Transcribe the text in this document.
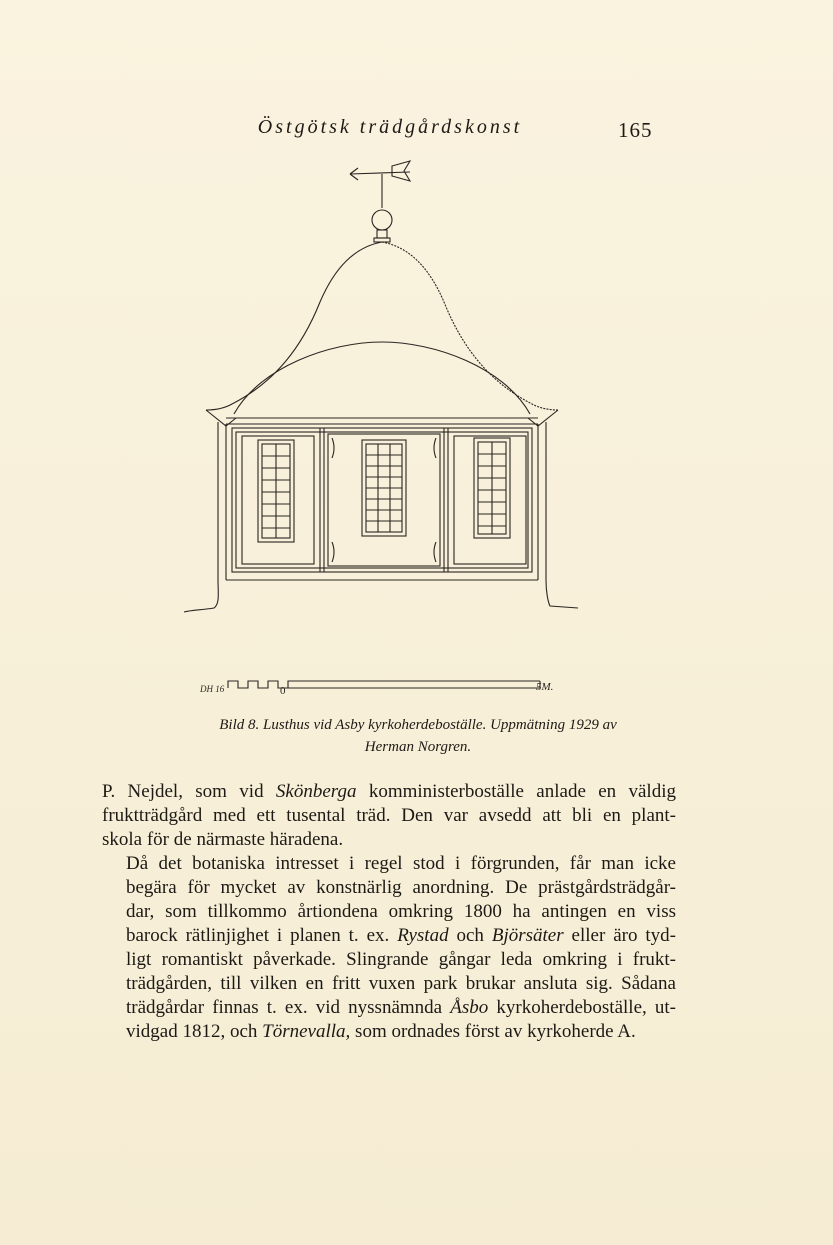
Östgötsk trädgårdskonst	165
DH 16	0	5M.
Bild 8. Lusthus vid Asby kyrkoherdeboställe. Uppmätning 1929 av
Herman Norgren.

P. Nejdel, som vid Skönberga komministerboställe anlade en väldig
fruktträdgård med ett tusental träd. Den var avsedd att bli en plant-
skola för de närmaste häradena.

Då det botaniska intresset i regel stod i förgrunden, får man icke
begära för mycket av konstnärlig anordning. De prästgårdsträdgår-
dar, som tillkommo årtiondena omkring 1800 ha antingen en viss
barock rätlinjighet i planen t. ex. Rystad och Björsäter eller äro tyd-
ligt romantiskt påverkade. Slingrande gångar leda omkring i frukt-
trädgården, till vilken en fritt vuxen park brukar ansluta sig. Sådana
trädgårdar finnas t. ex. vid nyssnämnda Åsbo kyrkoherdeboställe, ut-
vidgad 1812, och Törnevalla, som ordnades först av kyrkoherde A.
